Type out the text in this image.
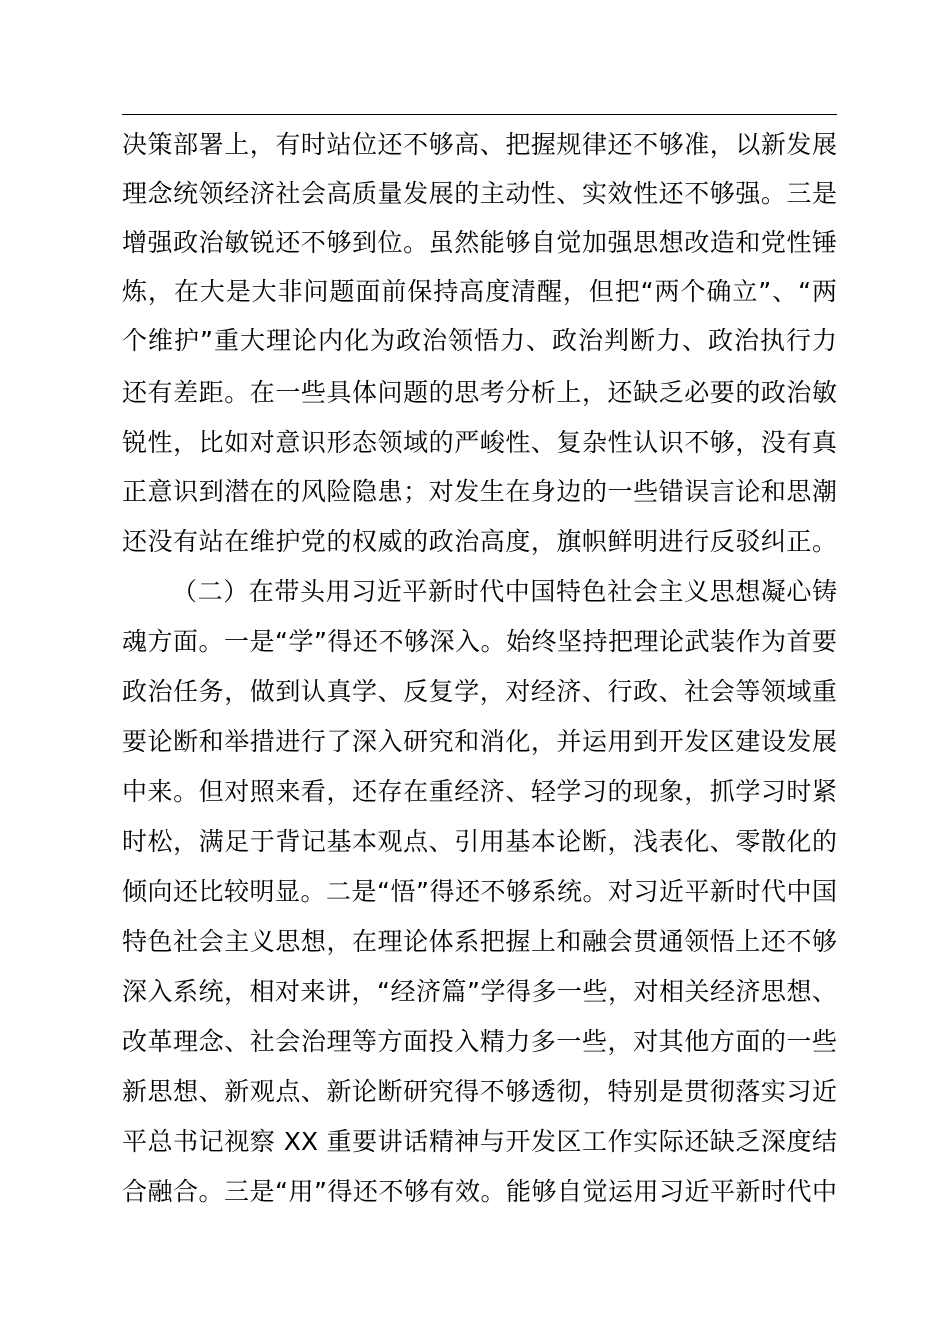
决策部署上，有时站位还不够高、把握规律还不够准，以新发展
理念统领经济社会高质量发展的主动性、实效性还不够强。三是
增强政治敏锐还不够到位。虽然能够自觉加强思想改造和党性锤
炼，在大是大非问题面前保持高度清醒，但把“两个确立”、“两
个维护”重大理论内化为政治领悟力、政治判断力、政治执行力
还有差距。在一些具体问题的思考分析上，还缺乏必要的政治敏
锐性，比如对意识形态领域的严峻性、复杂性认识不够，没有真
正意识到潜在的风险隐患；对发生在身边的一些错误言论和思潮
还没有站在维护党的权威的政治高度，旗帜鲜明进行反驳纠正。
（二）在带头用习近平新时代中国特色社会主义思想凝心铸
魂方面。一是“学”得还不够深入。始终坚持把理论武装作为首要
政治任务，做到认真学、反复学，对经济、行政、社会等领域重
要论断和举措进行了深入研究和消化，并运用到开发区建设发展
中来。但对照来看，还存在重经济、轻学习的现象，抓学习时紧
时松，满足于背记基本观点、引用基本论断，浅表化、零散化的
倾向还比较明显。二是“悟”得还不够系统。对习近平新时代中国
特色社会主义思想，在理论体系把握上和融会贯通领悟上还不够
深入系统，相对来讲，“经济篇”学得多一些，对相关经济思想、
改革理念、社会治理等方面投入精力多一些，对其他方面的一些
新思想、新观点、新论断研究得不够透彻，特别是贯彻落实习近
平总书记视察 XX 重要讲话精神与开发区工作实际还缺乏深度结
合融合。三是“用”得还不够有效。能够自觉运用习近平新时代中
